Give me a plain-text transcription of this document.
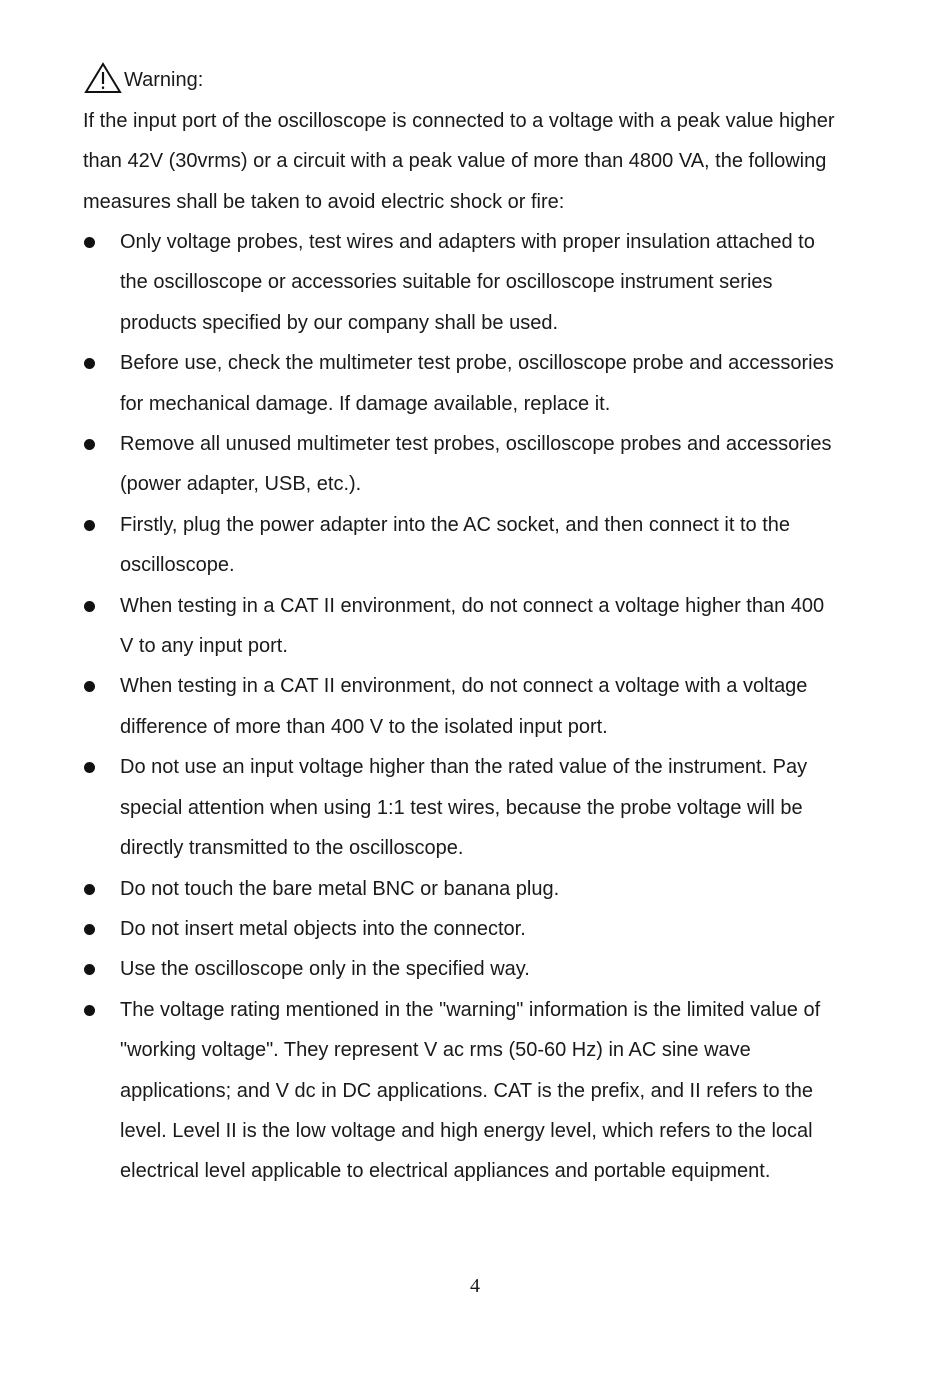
Warning:

If the input port of the oscilloscope is connected to a voltage with a peak value higher than 42V (30vrms) or a circuit with a peak value of more than 4800 VA, the following measures shall be taken to avoid electric shock or fire:

Only voltage probes, test wires and adapters with proper insulation attached to the oscilloscope or accessories suitable for oscilloscope instrument series products specified by our company shall be used.
Before use, check the multimeter test probe, oscilloscope probe and accessories for mechanical damage. If damage available, replace it.
Remove all unused multimeter test probes, oscilloscope probes and accessories (power adapter, USB, etc.).
Firstly, plug the power adapter into the AC socket, and then connect it to the oscilloscope.
When testing in a CAT II environment, do not connect a voltage higher than 400 V to any input port.
When testing in a CAT II environment, do not connect a voltage with a voltage difference of more than 400 V to the isolated input port.
Do not use an input voltage higher than the rated value of the instrument. Pay special attention when using 1:1 test wires, because the probe voltage will be directly transmitted to the oscilloscope.
Do not touch the bare metal BNC or banana plug.
Do not insert metal objects into the connector.
Use the oscilloscope only in the specified way.
The voltage rating mentioned in the "warning" information is the limited value of "working voltage". They represent V ac rms (50-60 Hz) in AC sine wave applications; and V dc in DC applications. CAT is the prefix, and II refers to the level. Level II is the low voltage and high energy level, which refers to the local electrical level applicable to electrical appliances and portable equipment.
4
